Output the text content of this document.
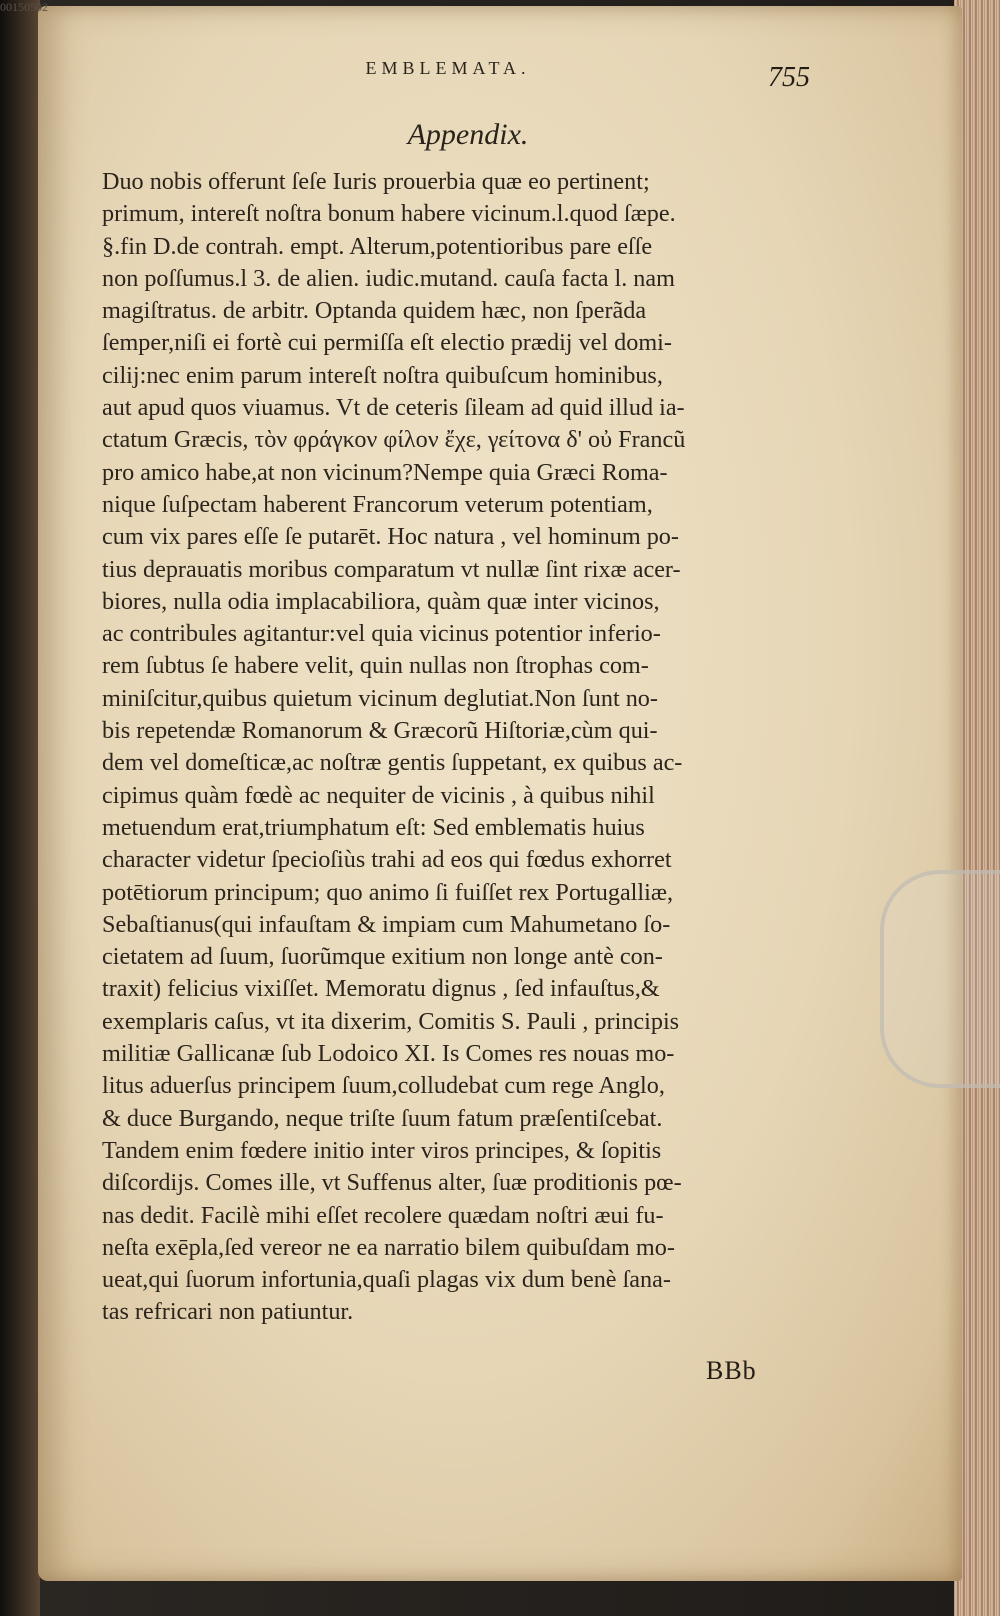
EMBLEMATA.	755
Appendix.
Duo nobis offerunt ſeſe Iuris prouerbia quæ eo pertinent;
primum, intereſt noſtra bonum habere vicinum.l.quod ſæpe.
§.fin D.de contrah. empt. Alterum,potentioribus pare eſſe
non poſſumus.l 3. de alien. iudic.mutand. cauſa facta l. nam
magiſtratus. de arbitr. Optanda quidem hæc, non ſperãda
ſemper,niſi ei fortè cui permiſſa eſt electio prædij vel domi-
cilij:nec enim parum intereſt noſtra quibuſcum hominibus,
aut apud quos viuamus. Vt de ceteris ſileam ad quid illud ia-
ctatum Græcis, τὸν φράγκον φίλον ἔχε, γείτονα δ' οὐ Francũ
pro amico habe,at non vicinum?Nempe quia Græci Roma-
nique ſuſpectam haberent Francorum veterum potentiam,
cum vix pares eſſe ſe putarēt. Hoc natura , vel hominum po-
tius deprauatis moribus comparatum vt nullæ ſint rixæ acer-
biores, nulla odia implacabiliora, quàm quæ inter vicinos,
ac contribules agitantur:vel quia vicinus potentior inferio-
rem ſubtus ſe habere velit, quin nullas non ſtrophas com-
miniſcitur,quibus quietum vicinum deglutiat.Non ſunt no-
bis repetendæ Romanorum & Græcorũ Hiſtoriæ,cùm qui-
dem vel domeſticæ,ac noſtræ gentis ſuppetant, ex quibus ac-
cipimus quàm fœdè ac nequiter de vicinis , à quibus nihil
metuendum erat,triumphatum eſt: Sed emblematis huius
character videtur ſpecioſiùs trahi ad eos qui fœdus exhorret
potētiorum principum; quo animo ſi fuiſſet rex Portugalliæ,
Sebaſtianus(qui infauſtam & impiam cum Mahumetano ſo-
cietatem ad ſuum, ſuorũmque exitium non longe antè con-
traxit) felicius vixiſſet. Memoratu dignus , ſed infauſtus,&
exemplaris caſus, vt ita dixerim, Comitis S. Pauli , principis
militiæ Gallicanæ ſub Lodoico XI. Is Comes res nouas mo-
litus aduerſus principem ſuum,colludebat cum rege Anglo,
& duce Burgando, neque triſte ſuum fatum præſentiſcebat.
Tandem enim fœdere initio inter viros principes, & ſopitis
diſcordijs. Comes ille, vt Suffenus alter, ſuæ proditionis pœ-
nas dedit. Facilè mihi eſſet recolere quædam noſtri æui fu-
neſta exēpla,ſed vereor ne ea narratio bilem quibuſdam mo-
ueat,qui ſuorum infortunia,quaſi plagas vix dum benè ſana-
tas refricari non patiuntur.
BBb
00150502
